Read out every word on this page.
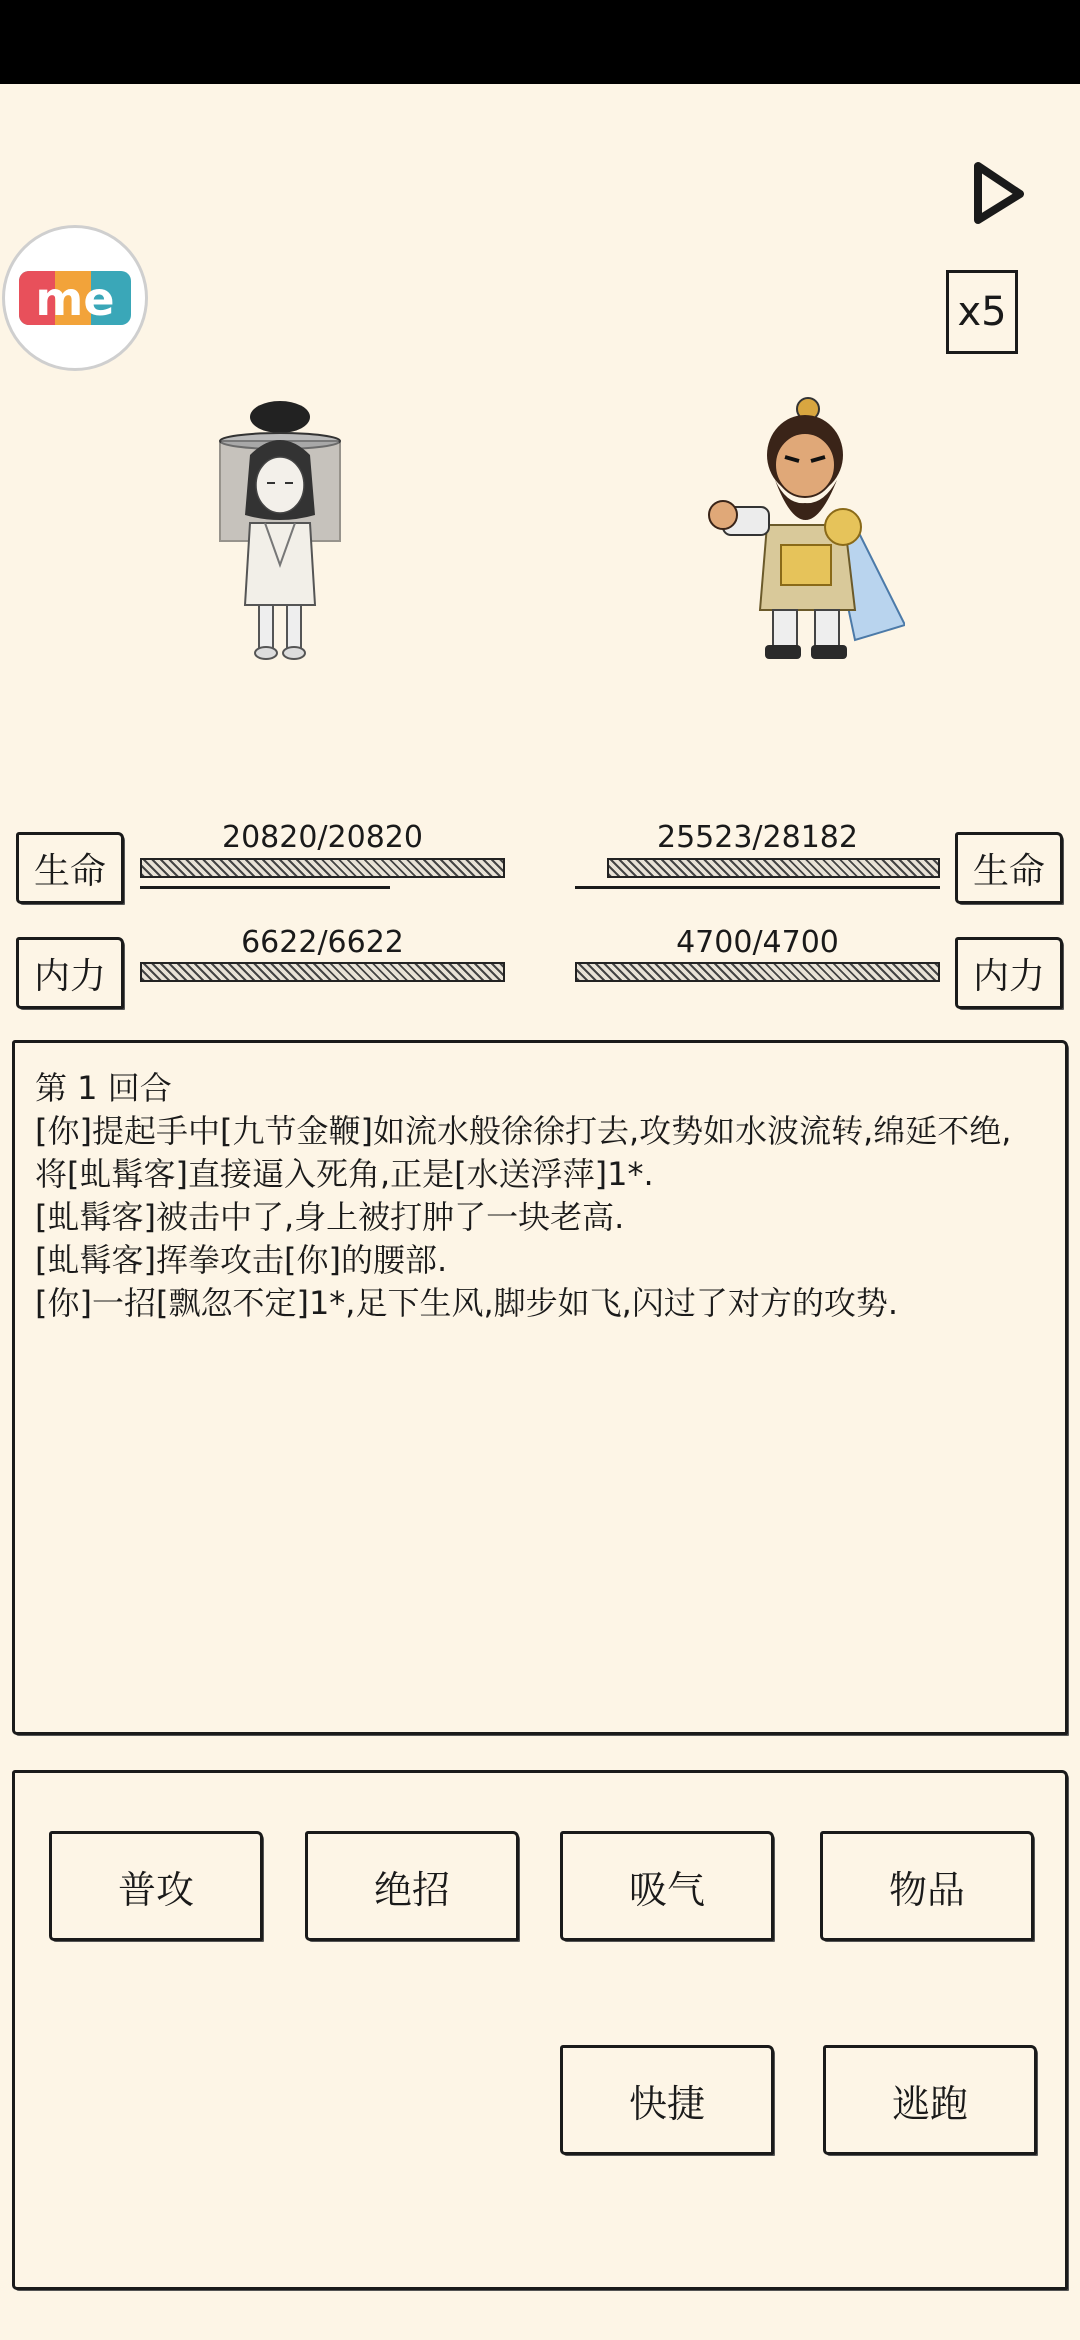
me	x5
生命
20820/20820
内力
6622/6622
生命
25523/28182
内力
4700/4700

第 1 回合

[你]提起手中[九节金鞭]如流水般徐徐打去,攻势如水波流转,绵延不绝,

将[虬髯客]直接逼入死角,正是[水送浮萍]1*.

[虬髯客]被击中了,身上被打肿了一块老高.

[虬髯客]挥拳攻击[你]的腰部.

[你]一招[飘忽不定]1*,足下生风,脚步如飞,闪过了对方的攻势.

普攻	绝招	吸气	物品
快捷	逃跑
